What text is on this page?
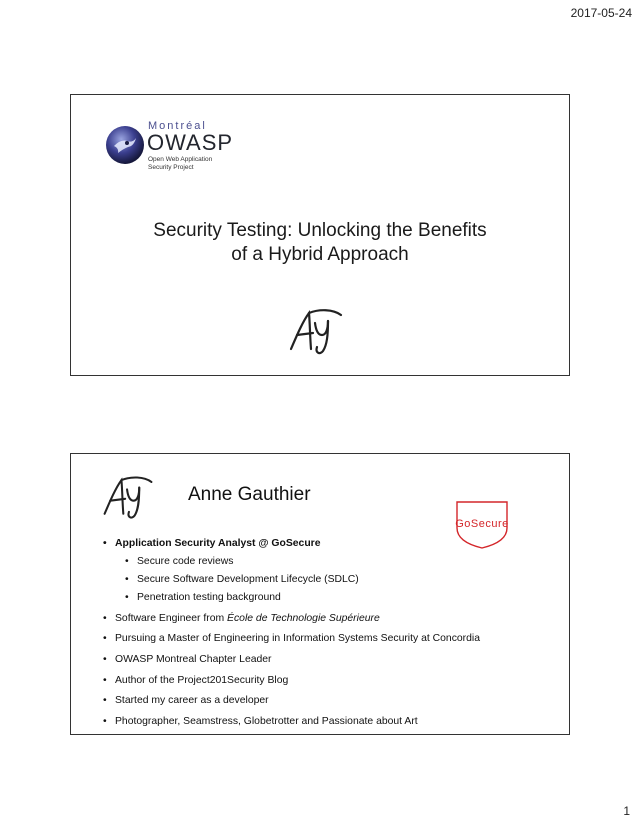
2017-05-24
Montréal
OWASP
Open Web Application
Security Project
Security Testing: Unlocking the Benefits
of a Hybrid Approach
Anne Gauthier
GoSecure
• Application Security Analyst @ GoSecure
• Secure code reviews
• Secure Software Development Lifecycle (SDLC)
• Penetration testing background
• Software Engineer from École de Technologie Supérieure
• Pursuing a Master of Engineering in Information Systems Security at Concordia
• OWASP Montreal Chapter Leader
• Author of the Project201Security Blog
• Started my career as a developer
• Photographer, Seamstress, Globetrotter and Passionate about Art
1
